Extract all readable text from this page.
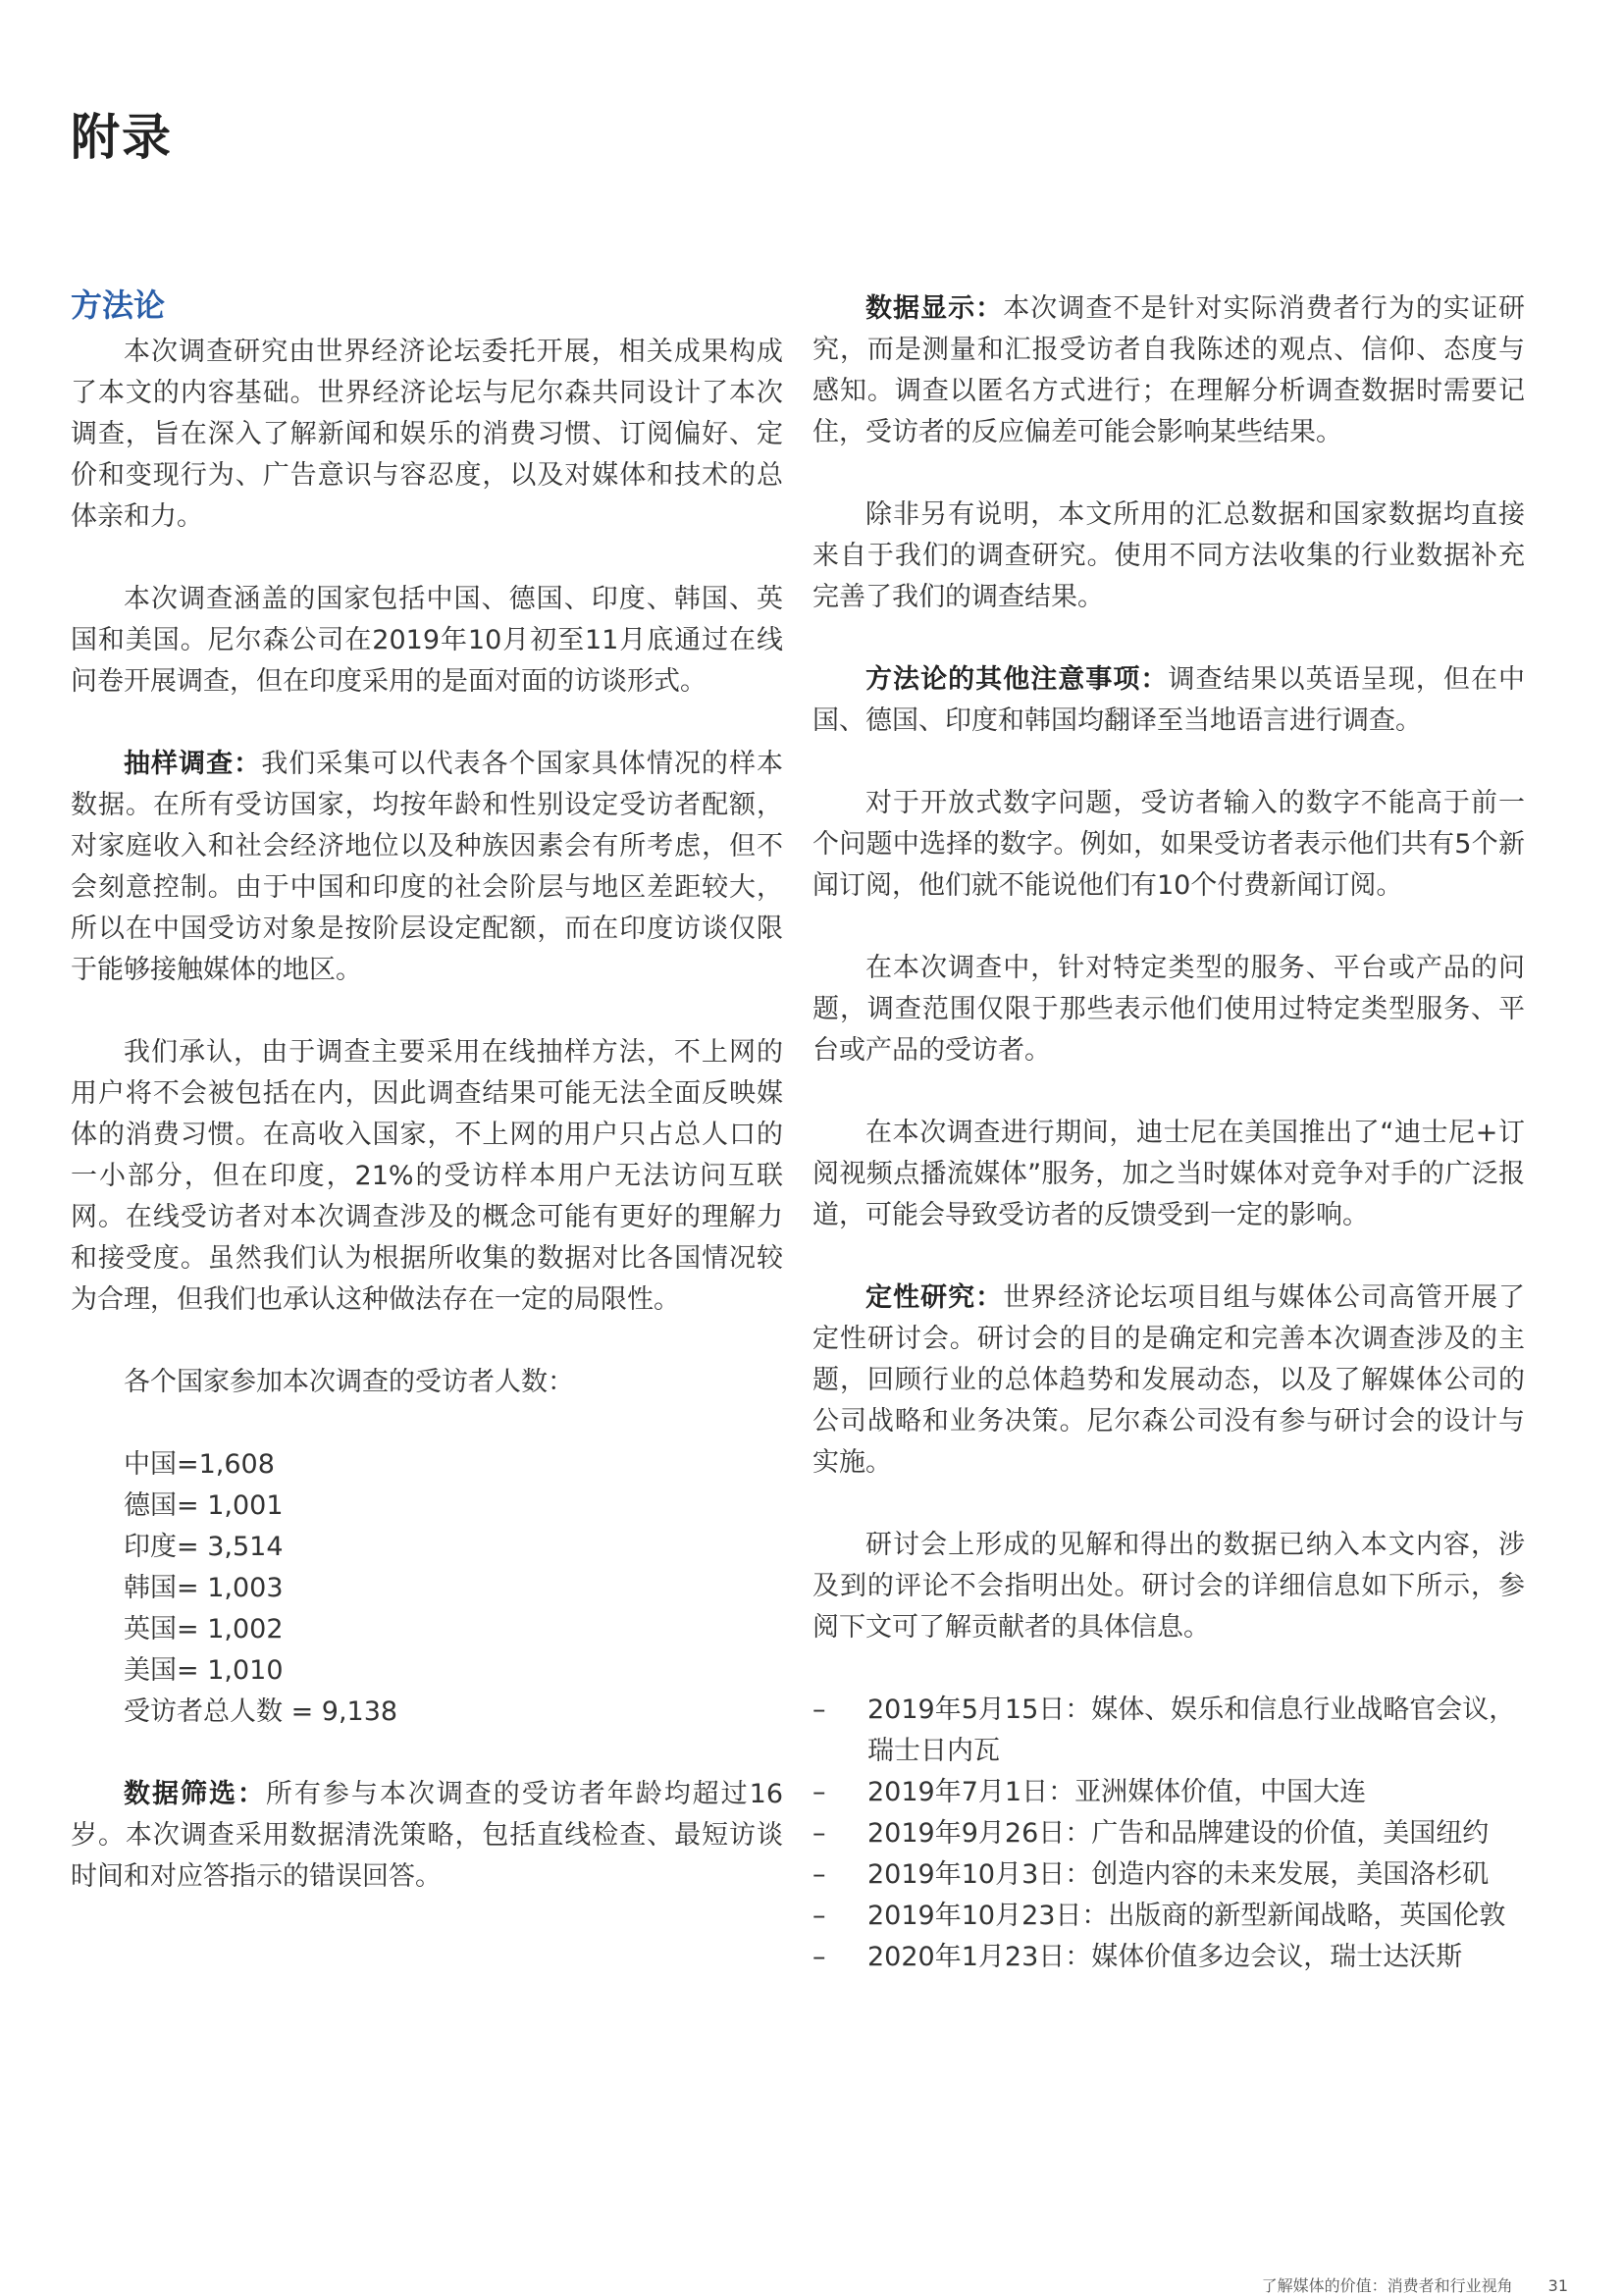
附录
方法论

本次调查研究由世界经济论坛委托开展，相关成果构成了本文的内容基础。世界经济论坛与尼尔森共同设计了本次调查，旨在深入了解新闻和娱乐的消费习惯、订阅偏好、定价和变现行为、广告意识与容忍度，以及对媒体和技术的总体亲和力。

本次调查涵盖的国家包括中国、德国、印度、韩国、英国和美国。尼尔森公司在2019年10月初至11月底通过在线问卷开展调查，但在印度采用的是面对面的访谈形式。

抽样调查：我们采集可以代表各个国家具体情况的样本数据。在所有受访国家，均按年龄和性别设定受访者配额，对家庭收入和社会经济地位以及种族因素会有所考虑，但不会刻意控制。由于中国和印度的社会阶层与地区差距较大，所以在中国受访对象是按阶层设定配额，而在印度访谈仅限于能够接触媒体的地区。

我们承认，由于调查主要采用在线抽样方法，不上网的用户将不会被包括在内，因此调查结果可能无法全面反映媒体的消费习惯。在高收入国家，不上网的用户只占总人口的一小部分，但在印度，21%的受访样本用户无法访问互联网。在线受访者对本次调查涉及的概念可能有更好的理解力和接受度。虽然我们认为根据所收集的数据对比各国情况较为合理，但我们也承认这种做法存在一定的局限性。

各个国家参加本次调查的受访者人数：
中国=1,608
德国= 1,001
印度= 3,514
韩国= 1,003
英国= 1,002
美国= 1,010
受访者总人数 = 9,138

数据筛选：所有参与本次调查的受访者年龄均超过16岁。本次调查采用数据清洗策略，包括直线检查、最短访谈时间和对应答指示的错误回答。

数据显示：本次调查不是针对实际消费者行为的实证研究，而是测量和汇报受访者自我陈述的观点、信仰、态度与感知。调查以匿名方式进行；在理解分析调查数据时需要记住，受访者的反应偏差可能会影响某些结果。

除非另有说明，本文所用的汇总数据和国家数据均直接来自于我们的调查研究。使用不同方法收集的行业数据补充完善了我们的调查结果。

方法论的其他注意事项：调查结果以英语呈现，但在中国、德国、印度和韩国均翻译至当地语言进行调查。

对于开放式数字问题，受访者输入的数字不能高于前一个问题中选择的数字。例如，如果受访者表示他们共有5个新闻订阅，他们就不能说他们有10个付费新闻订阅。

在本次调查中，针对特定类型的服务、平台或产品的问题，调查范围仅限于那些表示他们使用过特定类型服务、平台或产品的受访者。

在本次调查进行期间，迪士尼在美国推出了“迪士尼+订阅视频点播流媒体”服务，加之当时媒体对竞争对手的广泛报道，可能会导致受访者的反馈受到一定的影响。

定性研究：世界经济论坛项目组与媒体公司高管开展了定性研讨会。研讨会的目的是确定和完善本次调查涉及的主题，回顾行业的总体趋势和发展动态，以及了解媒体公司的公司战略和业务决策。尼尔森公司没有参与研讨会的设计与实施。

研讨会上形成的见解和得出的数据已纳入本文内容，涉及到的评论不会指明出处。研讨会的详细信息如下所示，参阅下文可了解贡献者的具体信息。

– 2019年5月15日：媒体、娱乐和信息行业战略官会议，瑞士日内瓦
– 2019年7月1日：亚洲媒体价值，中国大连
– 2019年9月26日：广告和品牌建设的价值，美国纽约
– 2019年10月3日：创造内容的未来发展，美国洛杉矶
– 2019年10月23日：出版商的新型新闻战略，英国伦敦
– 2020年1月23日：媒体价值多边会议，瑞士达沃斯
了解媒体的价值：消费者和行业视角 31
